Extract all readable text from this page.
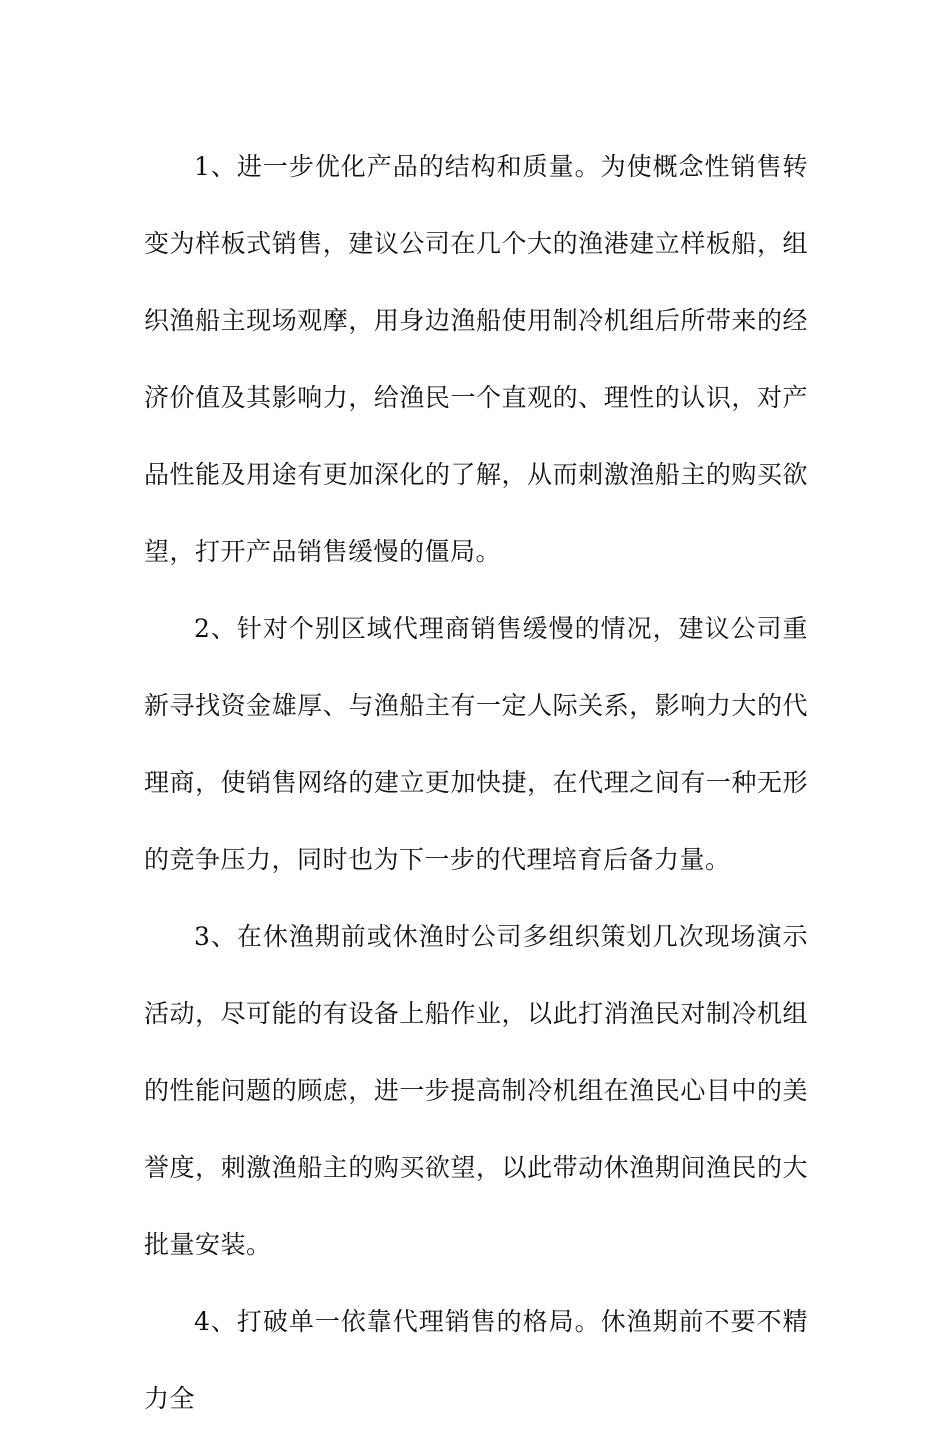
1、进一步优化产品的结构和质量。为使概念性销售转变为样板式销售，建议公司在几个大的渔港建立样板船，组织渔船主现场观摩，用身边渔船使用制冷机组后所带来的经济价值及其影响力，给渔民一个直观的、理性的认识，对产品性能及用途有更加深化的了解，从而刺激渔船主的购买欲望，打开产品销售缓慢的僵局。

2、针对个别区域代理商销售缓慢的情况，建议公司重新寻找资金雄厚、与渔船主有一定人际关系，影响力大的代理商，使销售网络的建立更加快捷，在代理之间有一种无形的竞争压力，同时也为下一步的代理培育后备力量。

3、在休渔期前或休渔时公司多组织策划几次现场演示活动，尽可能的有设备上船作业，以此打消渔民对制冷机组的性能问题的顾虑，进一步提高制冷机组在渔民心目中的美誉度，刺激渔船主的购买欲望，以此带动休渔期间渔民的大批量安装。

4、打破单一依靠代理销售的格局。休渔期前不要不精力全
